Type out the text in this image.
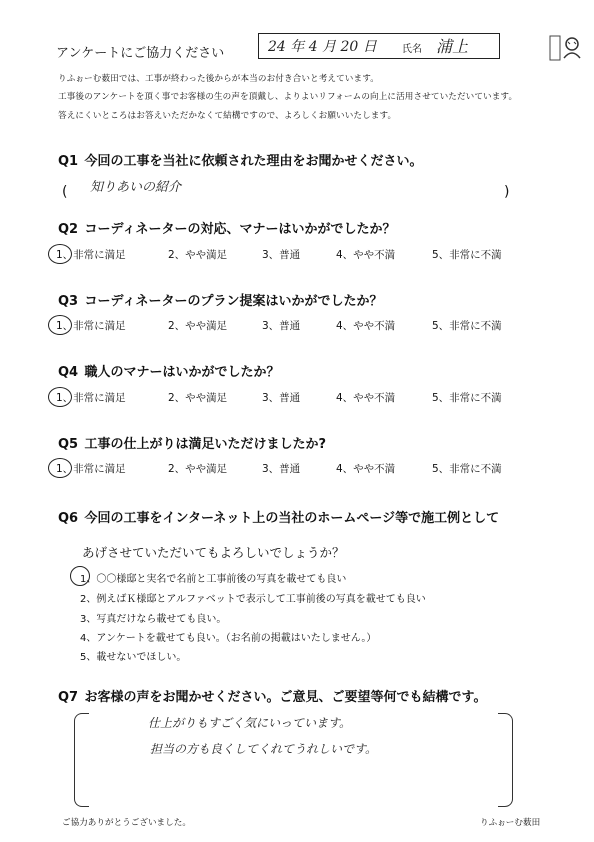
アンケートにご協力ください	24 年 4 月 20 日	氏名 浦上
りふぉーむ薮田では、工事が終わった後からが本当のお付き合いと考えています。
工事後のアンケートを頂く事でお客様の生の声を頂戴し、よりよいリフォームの向上に活用させていただいています。
答えにくいところはお答えいただかなくて結構ですので、よろしくお願いいたします。
Q1 今回の工事を当社に依頼された理由をお聞かせください。
( 知りあいの紹介	)
Q2 コーディネーターの対応、マナーはいかがでしたか？
1、非常に満足	2、やや満足	3、普通	4、やや不満	5、非常に不満
Q3 コーディネーターのプラン提案はいかがでしたか？
1、非常に満足	2、やや満足	3、普通	4、やや不満	5、非常に不満
Q4 職人のマナーはいかがでしたか？
1、非常に満足	2、やや満足	3、普通	4、やや不満	5、非常に不満
Q5 工事の仕上がりは満足いただけましたか?
1、非常に満足	2、やや満足	3、普通	4、やや不満	5、非常に不満
Q6 今回の工事をインターネット上の当社のホームページ等で施工例として
あげさせていただいてもよろしいでしょうか？
1、〇〇様邸と実名で名前と工事前後の写真を載せても良い
2、例えばＫ様邸とアルファベットで表示して工事前後の写真を載せても良い
3、写真だけなら載せても良い。
4、アンケートを載せても良い。（お名前の掲載はいたしません。）
5、載せないでほしい。
Q7 お客様の声をお聞かせください。ご意見、ご要望等何でも結構です。
仕上がりもすごく気にいっています。
担当の方も良くしてくれてうれしいです。
ご協力ありがとうございました。	りふぉーむ薮田
